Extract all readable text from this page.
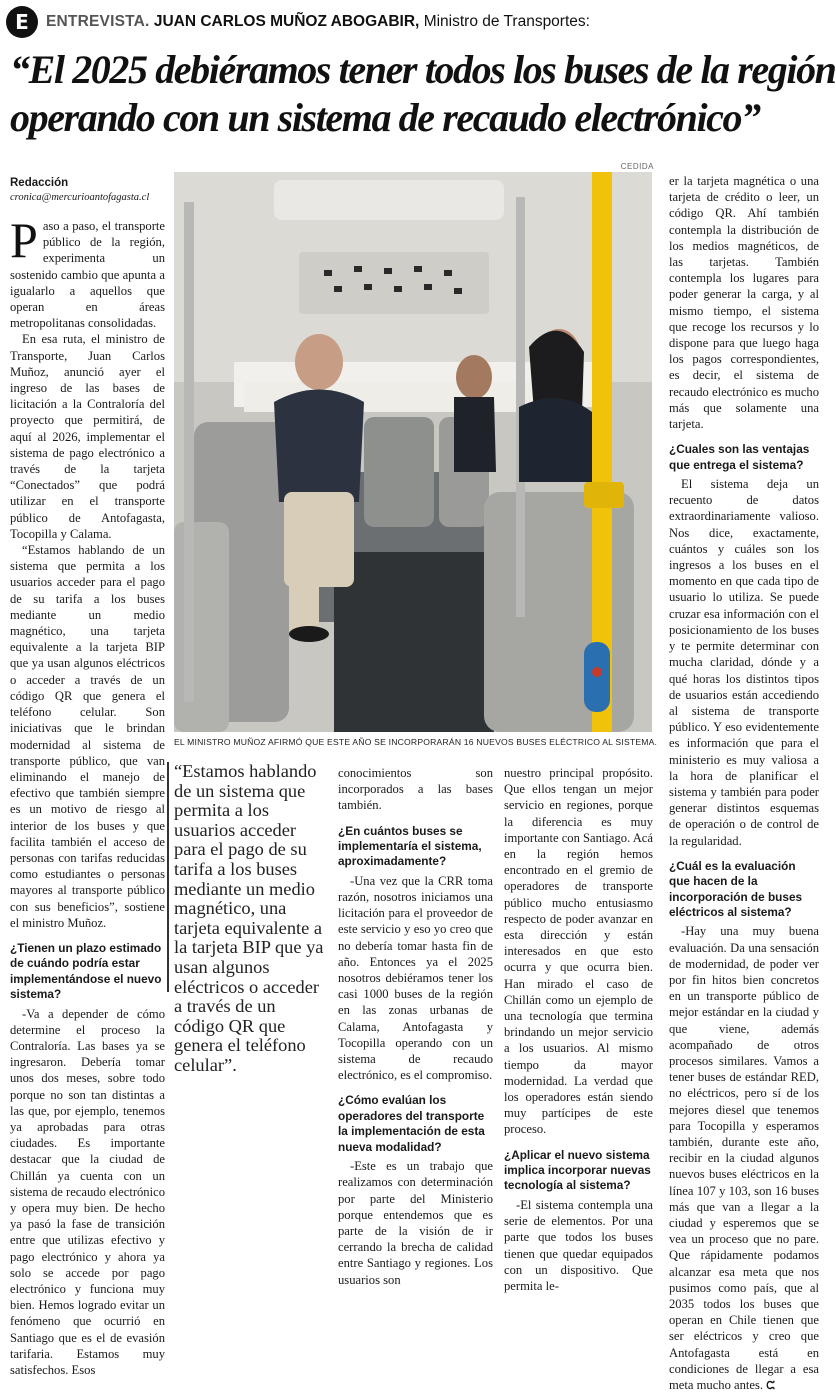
E	ENTREVISTA. JUAN CARLOS MUÑOZ ABOGABIR, Ministro de Transportes:
“El 2025 debiéramos tener todos los buses de la región
operando con un sistema de recaudo electrónico”
CEDIDA
Redacción
cronica@mercurioantofagasta.cl

Paso a paso, el transporte público de la región, experimenta un sostenido cambio que apunta a igualarlo a aquellos que operan en áreas metropolitanas consolidadas.

En esa ruta, el ministro de Transporte, Juan Carlos Muñoz, anunció ayer el ingreso de las bases de licitación a la Contraloría del proyecto que permitirá, de aquí al 2026, implementar el sistema de pago electrónico a través de la tarjeta “Conectados” que podrá utilizar en el transporte público de Antofagasta, Tocopilla y Calama.

“Estamos hablando de un sistema que permita a los usuarios acceder para el pago de su tarifa a los buses mediante un medio magnético, una tarjeta equivalente a la tarjeta BIP que ya usan algunos eléctricos o acceder a través de un código QR que genera el teléfono celular. Son iniciativas que le brindan modernidad al sistema de transporte público, que van eliminando el manejo de efectivo que también siempre es un motivo de riesgo al interior de los buses y que facilita también el acceso de personas con tarifas reducidas como estudiantes o personas mayores al transporte público con sus beneficios”, sostiene el ministro Muñoz.

¿Tienen un plazo estimado de cuándo podría estar implementándose el nuevo sistema?

-Va a depender de cómo determine el proceso la Contraloría. Las bases ya se ingresaron. Debería tomar unos dos meses, sobre todo porque no son tan distintas a las que, por ejemplo, tenemos ya aprobadas para otras ciudades. Es importante destacar que la ciudad de Chillán ya cuenta con un sistema de recaudo electrónico y opera muy bien. De hecho ya pasó la fase de transición entre que utilizas efectivo y pago electrónico y ahora ya solo se accede por pago electrónico y funciona muy bien. Hemos logrado evitar un fenómeno que ocurrió en Santiago que es el de evasión tarifaria. Estamos muy satisfechos. Esos

EL MINISTRO MUÑOZ AFIRMÓ QUE ESTE AÑO SE INCORPORARÁN 16 NUEVOS BUSES ELÉCTRICO AL SISTEMA.
“Estamos hablando de un sistema que permita a los usuarios acceder para el pago de su tarifa a los buses mediante un medio magnético, una tarjeta equivalente a la tarjeta BIP que ya usan algunos eléctricos o acceder a través de un código QR que genera el teléfono celular”.

conocimientos son incorporados a las bases también.

¿En cuántos buses se implementaría el sistema, aproximadamente?

-Una vez que la CRR toma razón, nosotros iniciamos una licitación para el proveedor de este servicio y eso yo creo que no debería tomar hasta fin de año. Entonces ya el 2025 nosotros debiéramos tener los casi 1000 buses de la región en las zonas urbanas de Calama, Antofagasta y Tocopilla operando con un sistema de recaudo electrónico, es el compromiso.

¿Cómo evalúan los operadores del transporte la implementación de esta nueva modalidad?

-Este es un trabajo que realizamos con determinación por parte del Ministerio porque entendemos que es parte de la visión de ir cerrando la brecha de calidad entre Santiago y regiones. Los usuarios son

nuestro principal propósito. Que ellos tengan un mejor servicio en regiones, porque la diferencia es muy importante con Santiago. Acá en la región hemos encontrado en el gremio de operadores de transporte público mucho entusiasmo respecto de poder avanzar en esta dirección y están interesados en que esto ocurra y que ocurra bien. Han mirado el caso de Chillán como un ejemplo de una tecnología que termina brindando un mejor servicio a los usuarios. Al mismo tiempo da mayor modernidad. La verdad que los operadores están siendo muy partícipes de este proceso.

¿Aplicar el nuevo sistema implica incorporar nuevas tecnología al sistema?

-El sistema contempla una serie de elementos. Por una parte que todos los buses tienen que quedar equipados con un dispositivo. Que permita le-

er la tarjeta magnética o una tarjeta de crédito o leer, un código QR. Ahí también contempla la distribución de los medios magnéticos, de las tarjetas. También contempla los lugares para poder generar la carga, y al mismo tiempo, el sistema que recoge los recursos y lo dispone para que luego haga los pagos correspondientes, es decir, el sistema de recaudo electrónico es mucho más que solamente una tarjeta.

¿Cuales son las ventajas que entrega el sistema?

El sistema deja un recuento de datos extraordinariamente valioso. Nos dice, exactamente, cuántos y cuáles son los ingresos a los buses en el momento en que cada tipo de usuario lo utiliza. Se puede cruzar esa información con el posicionamiento de los buses y te permite determinar con mucha claridad, dónde y a qué horas los distintos tipos de usuarios están accediendo al sistema de transporte público. Y eso evidentemente es información que para el ministerio es muy valiosa a la hora de planificar el sistema y también para poder generar distintos esquemas de operación o de control de la regularidad.

¿Cuál es la evaluación que hacen de la incorporación de buses eléctricos al sistema?

-Hay una muy buena evaluación. Da una sensación de modernidad, de poder ver por fin hitos bien concretos en un transporte público de mejor estándar en la ciudad y que viene, además acompañado de otros procesos similares. Vamos a tener buses de estándar RED, no eléctricos, pero sí de los mejores diesel que tenemos para Tocopilla y esperamos también, durante este año, recibir en la ciudad algunos nuevos buses eléctricos en la línea 107 y 103, son 16 buses más que van a llegar a la ciudad y esperemos que se vea un proceso que no pare. Que rápidamente podamos alcanzar esa meta que nos pusimos como país, que al 2035 todos los buses que operan en Chile tienen que ser eléctricos y creo que Antofagasta está en condiciones de llegar a esa meta mucho antes. ᙅ
